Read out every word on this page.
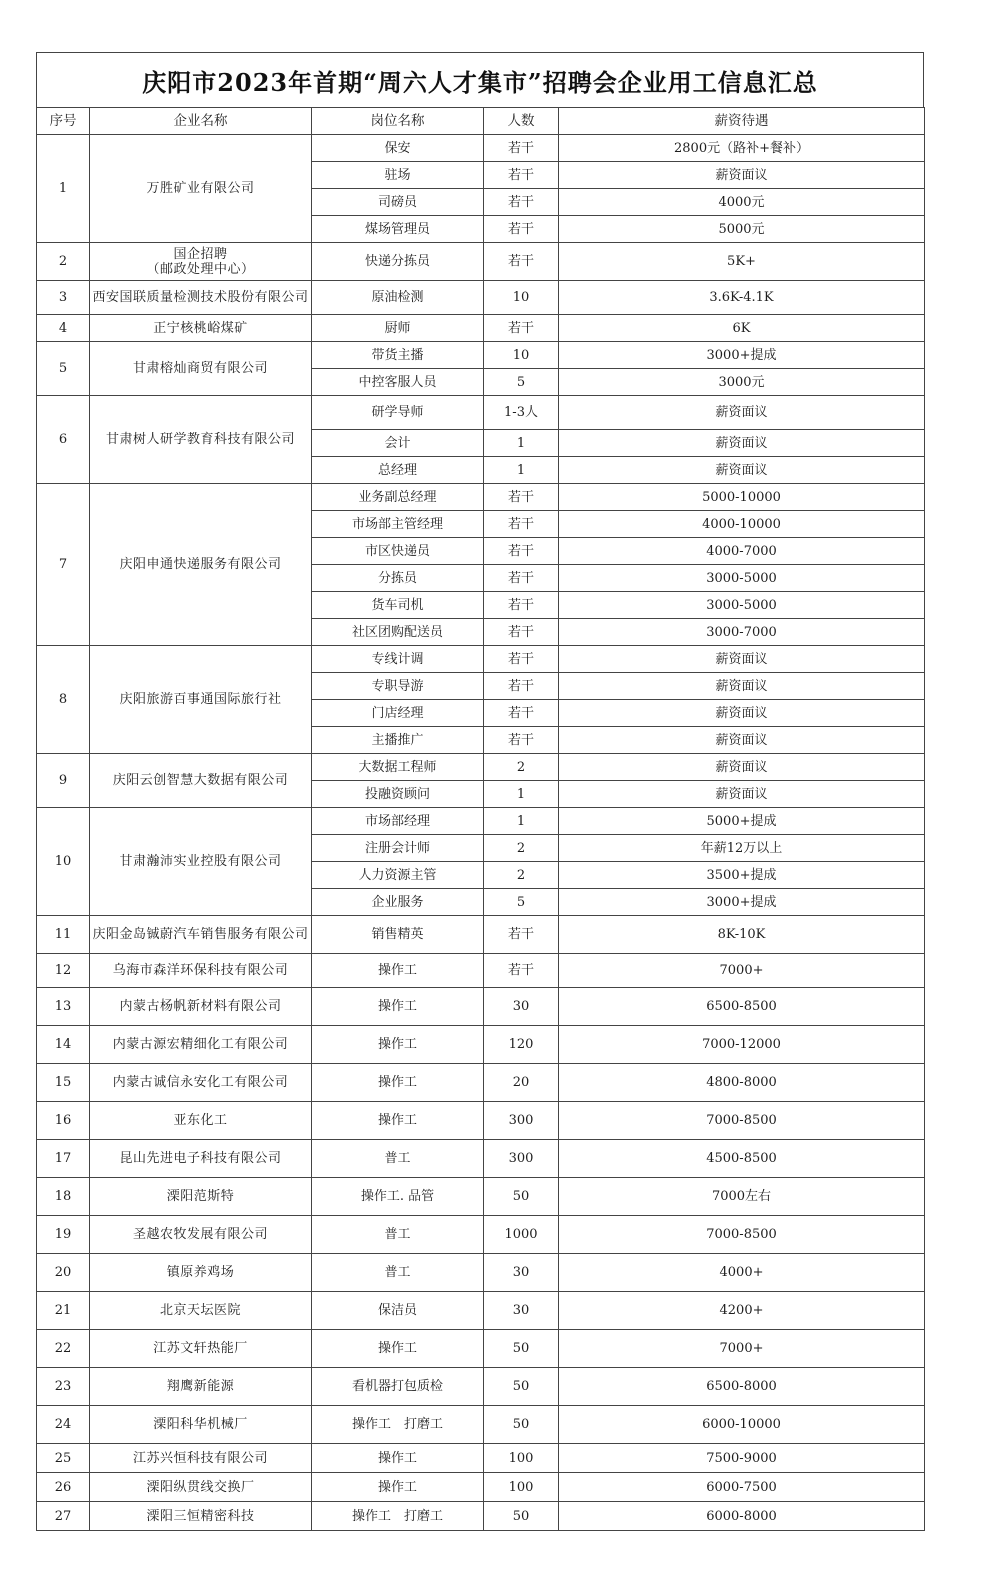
庆阳市2023年首期“周六人才集市”招聘会企业用工信息汇总
序号	企业名称	岗位名称	人数	薪资待遇
1	万胜矿业有限公司	保安	若干	2800元（路补+餐补）
		驻场	若干	薪资面议
		司磅员	若干	4000元
		煤场管理员	若干	5000元
2	国企招聘
（邮政处理中心）	快递分拣员	若干	5K+
3	西安国联质量检测技术股份有限公司	原油检测	10	3.6K-4.1K
4	正宁核桃峪煤矿	厨师	若干	6K
5	甘肃榕灿商贸有限公司	带货主播	10	3000+提成
		中控客服人员	5	3000元
6	甘肃树人研学教育科技有限公司	研学导师	1-3人	薪资面议
		会计	1	薪资面议
		总经理	1	薪资面议
7	庆阳申通快递服务有限公司	业务副总经理	若干	5000-10000
		市场部主管经理	若干	4000-10000
		市区快递员	若干	4000-7000
		分拣员	若干	3000-5000
		货车司机	若干	3000-5000
		社区团购配送员	若干	3000-7000
8	庆阳旅游百事通国际旅行社	专线计调	若干	薪资面议
		专职导游	若干	薪资面议
		门店经理	若干	薪资面议
		主播推广	若干	薪资面议
9	庆阳云创智慧大数据有限公司	大数据工程师	2	薪资面议
		投融资顾问	1	薪资面议
10	甘肃瀚沛实业控股有限公司	市场部经理	1	5000+提成
		注册会计师	2	年薪12万以上
		人力资源主管	2	3500+提成
		企业服务	5	3000+提成
11	庆阳金岛铖蔚汽车销售服务有限公司	销售精英	若干	8K-10K
12	乌海市森洋环保科技有限公司	操作工	若干	7000+
13	内蒙古杨帆新材料有限公司	操作工	30	6500-8500
14	内蒙古源宏精细化工有限公司	操作工	120	7000-12000
15	内蒙古诚信永安化工有限公司	操作工	20	4800-8000
16	亚东化工	操作工	300	7000-8500
17	昆山先进电子科技有限公司	普工	300	4500-8500
18	溧阳范斯特	操作工. 品管	50	7000左右
19	圣越农牧发展有限公司	普工	1000	7000-8500
20	镇原养鸡场	普工	30	4000+
21	北京天坛医院	保洁员	30	4200+
22	江苏文轩热能厂	操作工	50	7000+
23	翔鹰新能源	看机器打包质检	50	6500-8000
24	溧阳科华机械厂	操作工　打磨工	50	6000-10000
25	江苏兴恒科技有限公司	操作工	100	7500-9000
26	溧阳纵贯线交换厂	操作工	100	6000-7500
27	溧阳三恒精密科技	操作工　打磨工	50	6000-8000
